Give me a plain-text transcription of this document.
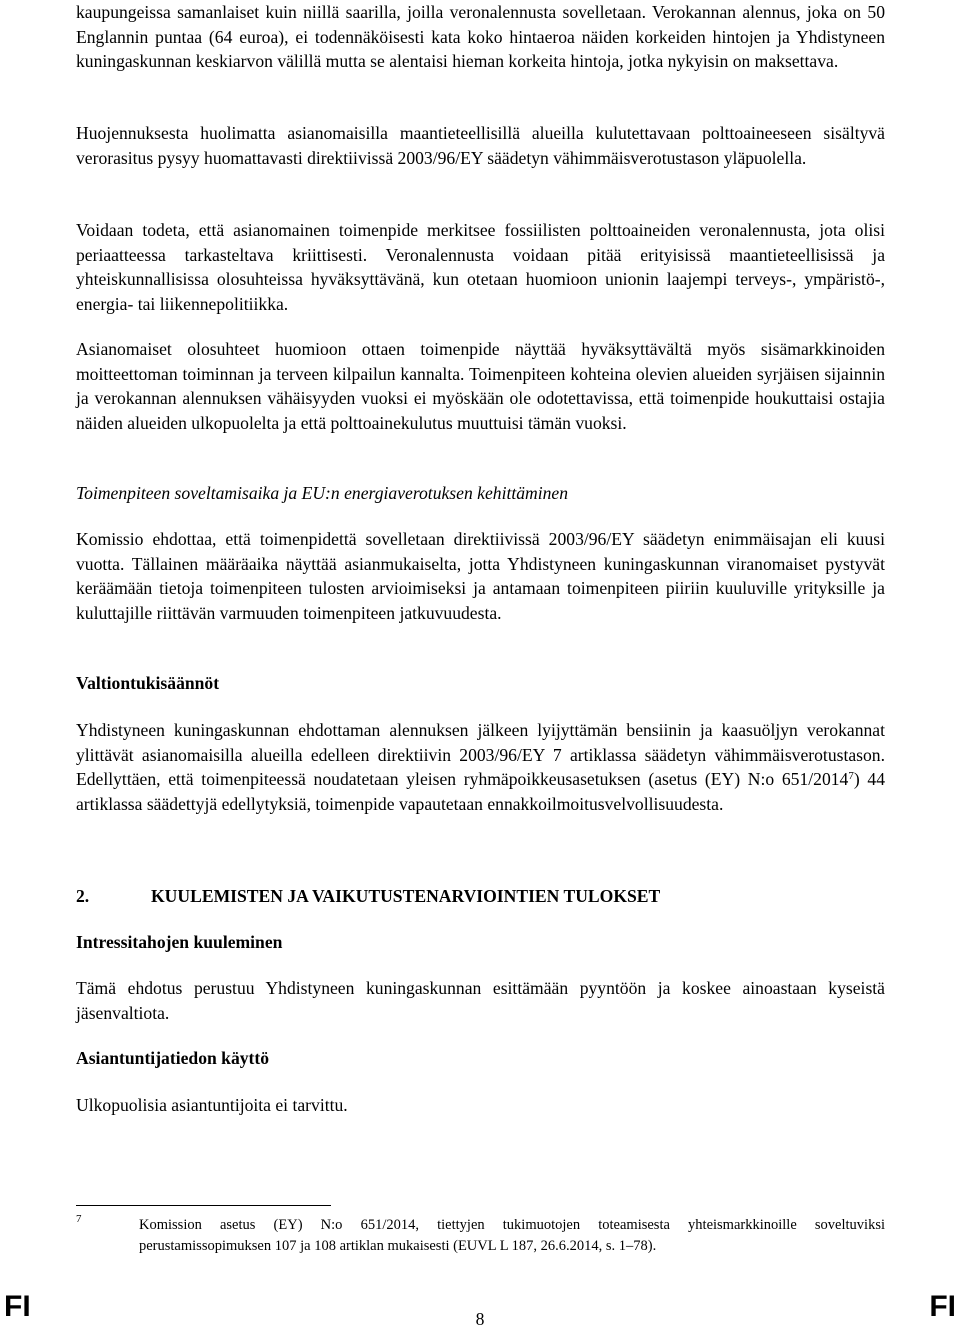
kaupungeissa samanlaiset kuin niillä saarilla, joilla veronalennusta sovelletaan. Verokannan alennus, joka on 50 Englannin puntaa (64 euroa), ei todennäköisesti kata koko hintaeroa näiden korkeiden hintojen ja Yhdistyneen kuningaskunnan keskiarvon välillä mutta se alentaisi hieman korkeita hintoja, jotka nykyisin on maksettava.

Huojennuksesta huolimatta asianomaisilla maantieteellisillä alueilla kulutettavaan polttoaineeseen sisältyvä verorasitus pysyy huomattavasti direktiivissä 2003/96/EY säädetyn vähimmäisverotustason yläpuolella.

Voidaan todeta, että asianomainen toimenpide merkitsee fossiilisten polttoaineiden veronalennusta, jota olisi periaatteessa tarkasteltava kriittisesti. Veronalennusta voidaan pitää erityisissä maantieteellisissä ja yhteiskunnallisissa olosuhteissa hyväksyttävänä, kun otetaan huomioon unionin laajempi terveys-, ympäristö-, energia- tai liikennepolitiikka.

Asianomaiset olosuhteet huomioon ottaen toimenpide näyttää hyväksyttävältä myös sisämarkkinoiden moitteettoman toiminnan ja terveen kilpailun kannalta. Toimenpiteen kohteina olevien alueiden syrjäisen sijainnin ja verokannan alennuksen vähäisyyden vuoksi ei myöskään ole odotettavissa, että toimenpide houkuttaisi ostajia näiden alueiden ulkopuolelta ja että polttoainekulutus muuttuisi tämän vuoksi.

Toimenpiteen soveltamisaika ja EU:n energiaverotuksen kehittäminen

Komissio ehdottaa, että toimenpidettä sovelletaan direktiivissä 2003/96/EY säädetyn enimmäisajan eli kuusi vuotta. Tällainen määräaika näyttää asianmukaiselta, jotta Yhdistyneen kuningaskunnan viranomaiset pystyvät keräämään tietoja toimenpiteen tulosten arvioimiseksi ja antamaan toimenpiteen piiriin kuuluville yrityksille ja kuluttajille riittävän varmuuden toimenpiteen jatkuvuudesta.

Valtiontukisäännöt

Yhdistyneen kuningaskunnan ehdottaman alennuksen jälkeen lyijyttämän bensiinin ja kaasuöljyn verokannat ylittävät asianomaisilla alueilla edelleen direktiivin 2003/96/EY 7 artiklassa säädetyn vähimmäisverotustason. Edellyttäen, että toimenpiteessä noudatetaan yleisen ryhmäpoikkeusasetuksen (asetus (EY) N:o 651/2014$^7$) 44 artiklassa säädettyjä edellytyksiä, toimenpide vapautetaan ennakkoilmoitusvelvollisuudesta.

2.	KUULEMISTEN JA VAIKUTUSTENARVIOINTIEN TULOKSET
Intressitahojen kuuleminen

Tämä ehdotus perustuu Yhdistyneen kuningaskunnan esittämään pyyntöön ja koskee ainoastaan kyseistä jäsenvaltiota.

Asiantuntijatiedon käyttö

Ulkopuolisia asiantuntijoita ei tarvittu.

7	Komission asetus (EY) N:o 651/2014, tiettyjen tukimuotojen toteamisesta yhteismarkkinoille soveltuviksi perustamissopimuksen 107 ja 108 artiklan mukaisesti (EUVL L 187, 26.6.2014, s. 1–78).
FI	8	FI
